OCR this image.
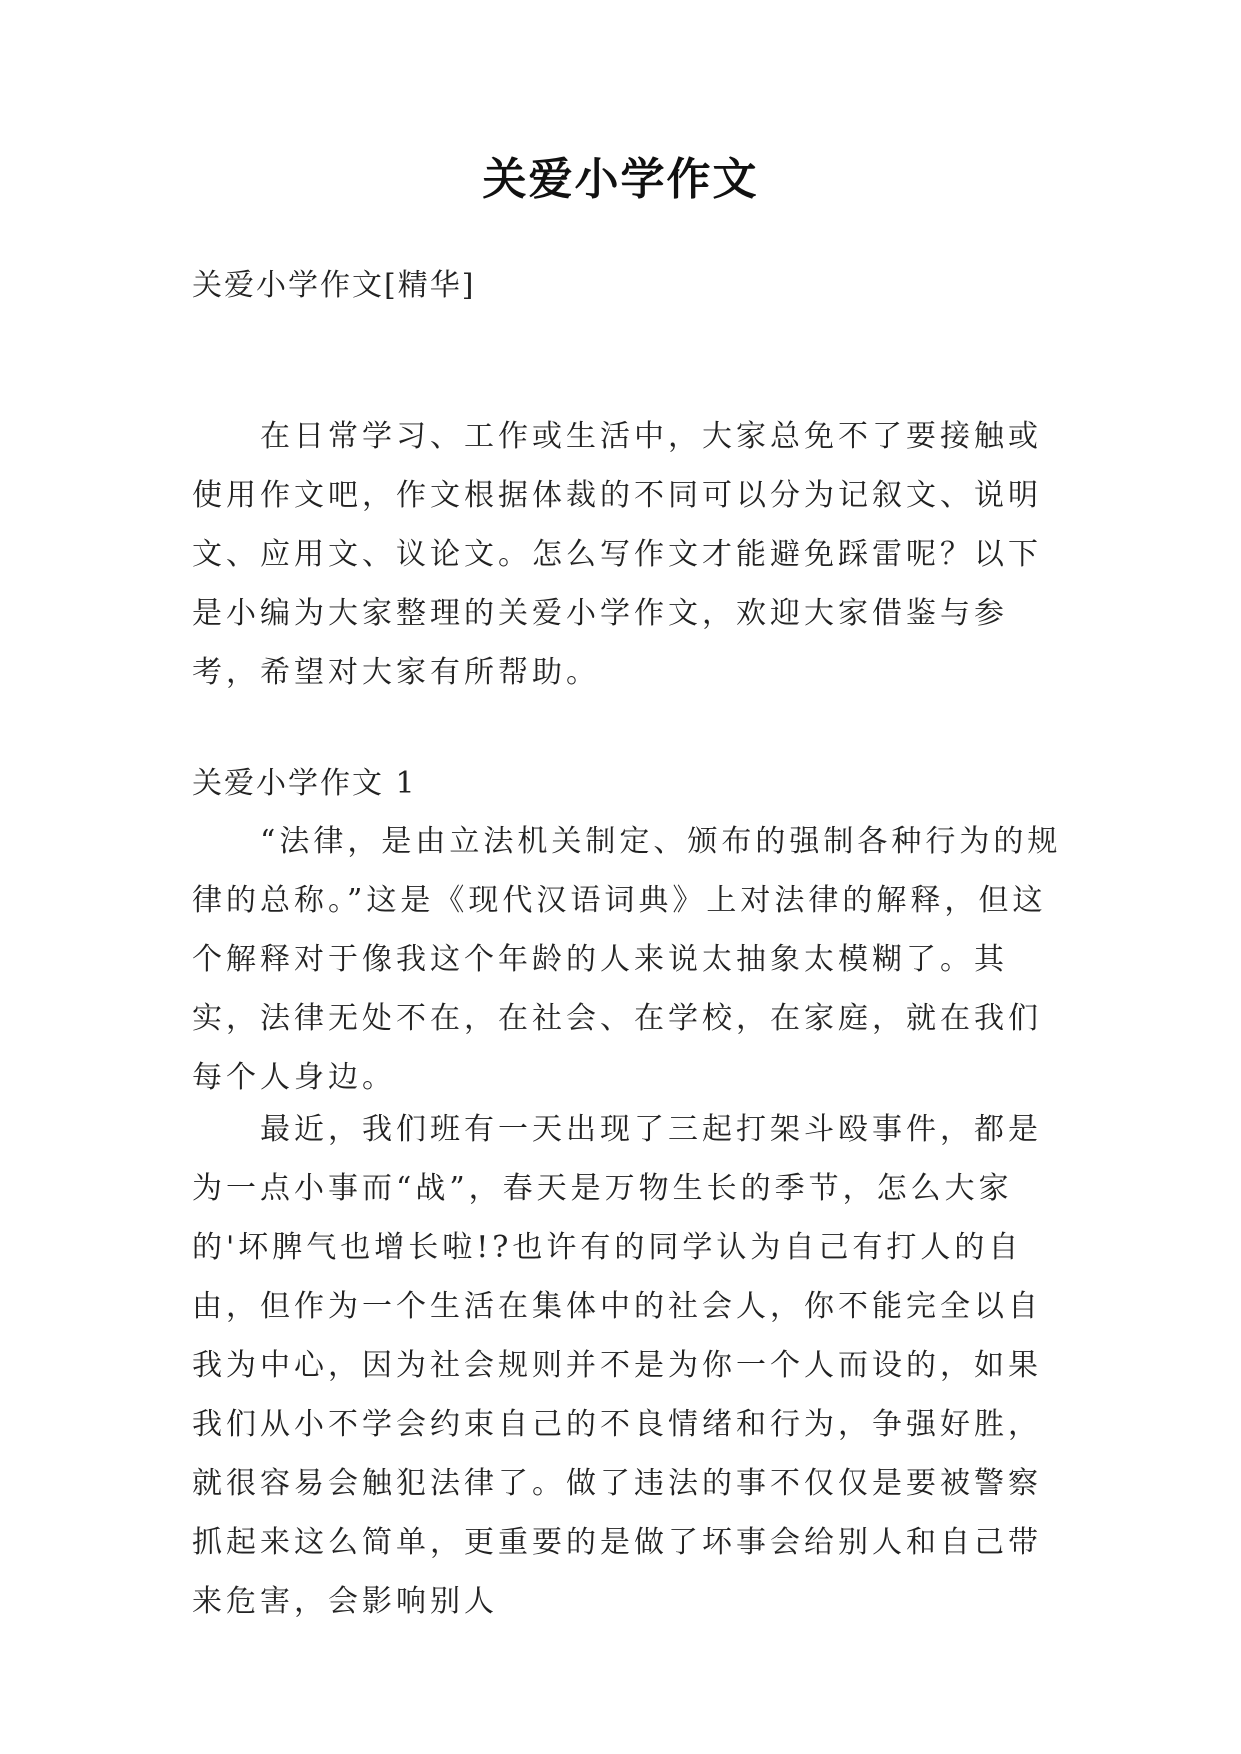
关爱小学作文
关爱小学作文[精华]

在日常学习、工作或生活中，大家总免不了要接触或使用作文吧，作文根据体裁的不同可以分为记叙文、说明文、应用文、议论文。怎么写作文才能避免踩雷呢？以下是小编为大家整理的关爱小学作文，欢迎大家借鉴与参考，希望对大家有所帮助。

关爱小学作文 1

“法律，是由立法机关制定、颁布的强制各种行为的规律的总称。”这是《现代汉语词典》上对法律的解释，但这个解释对于像我这个年龄的人来说太抽象太模糊了。其实，法律无处不在，在社会、在学校，在家庭，就在我们每个人身边。

最近，我们班有一天出现了三起打架斗殴事件，都是为一点小事而“战”，春天是万物生长的季节，怎么大家的'坏脾气也增长啦!?也许有的同学认为自己有打人的自由，但作为一个生活在集体中的社会人，你不能完全以自我为中心，因为社会规则并不是为你一个人而设的，如果我们从小不学会约束自己的不良情绪和行为，争强好胜，就很容易会触犯法律了。做了违法的事不仅仅是要被警察抓起来这么简单，更重要的是做了坏事会给别人和自己带来危害，会影响别人
